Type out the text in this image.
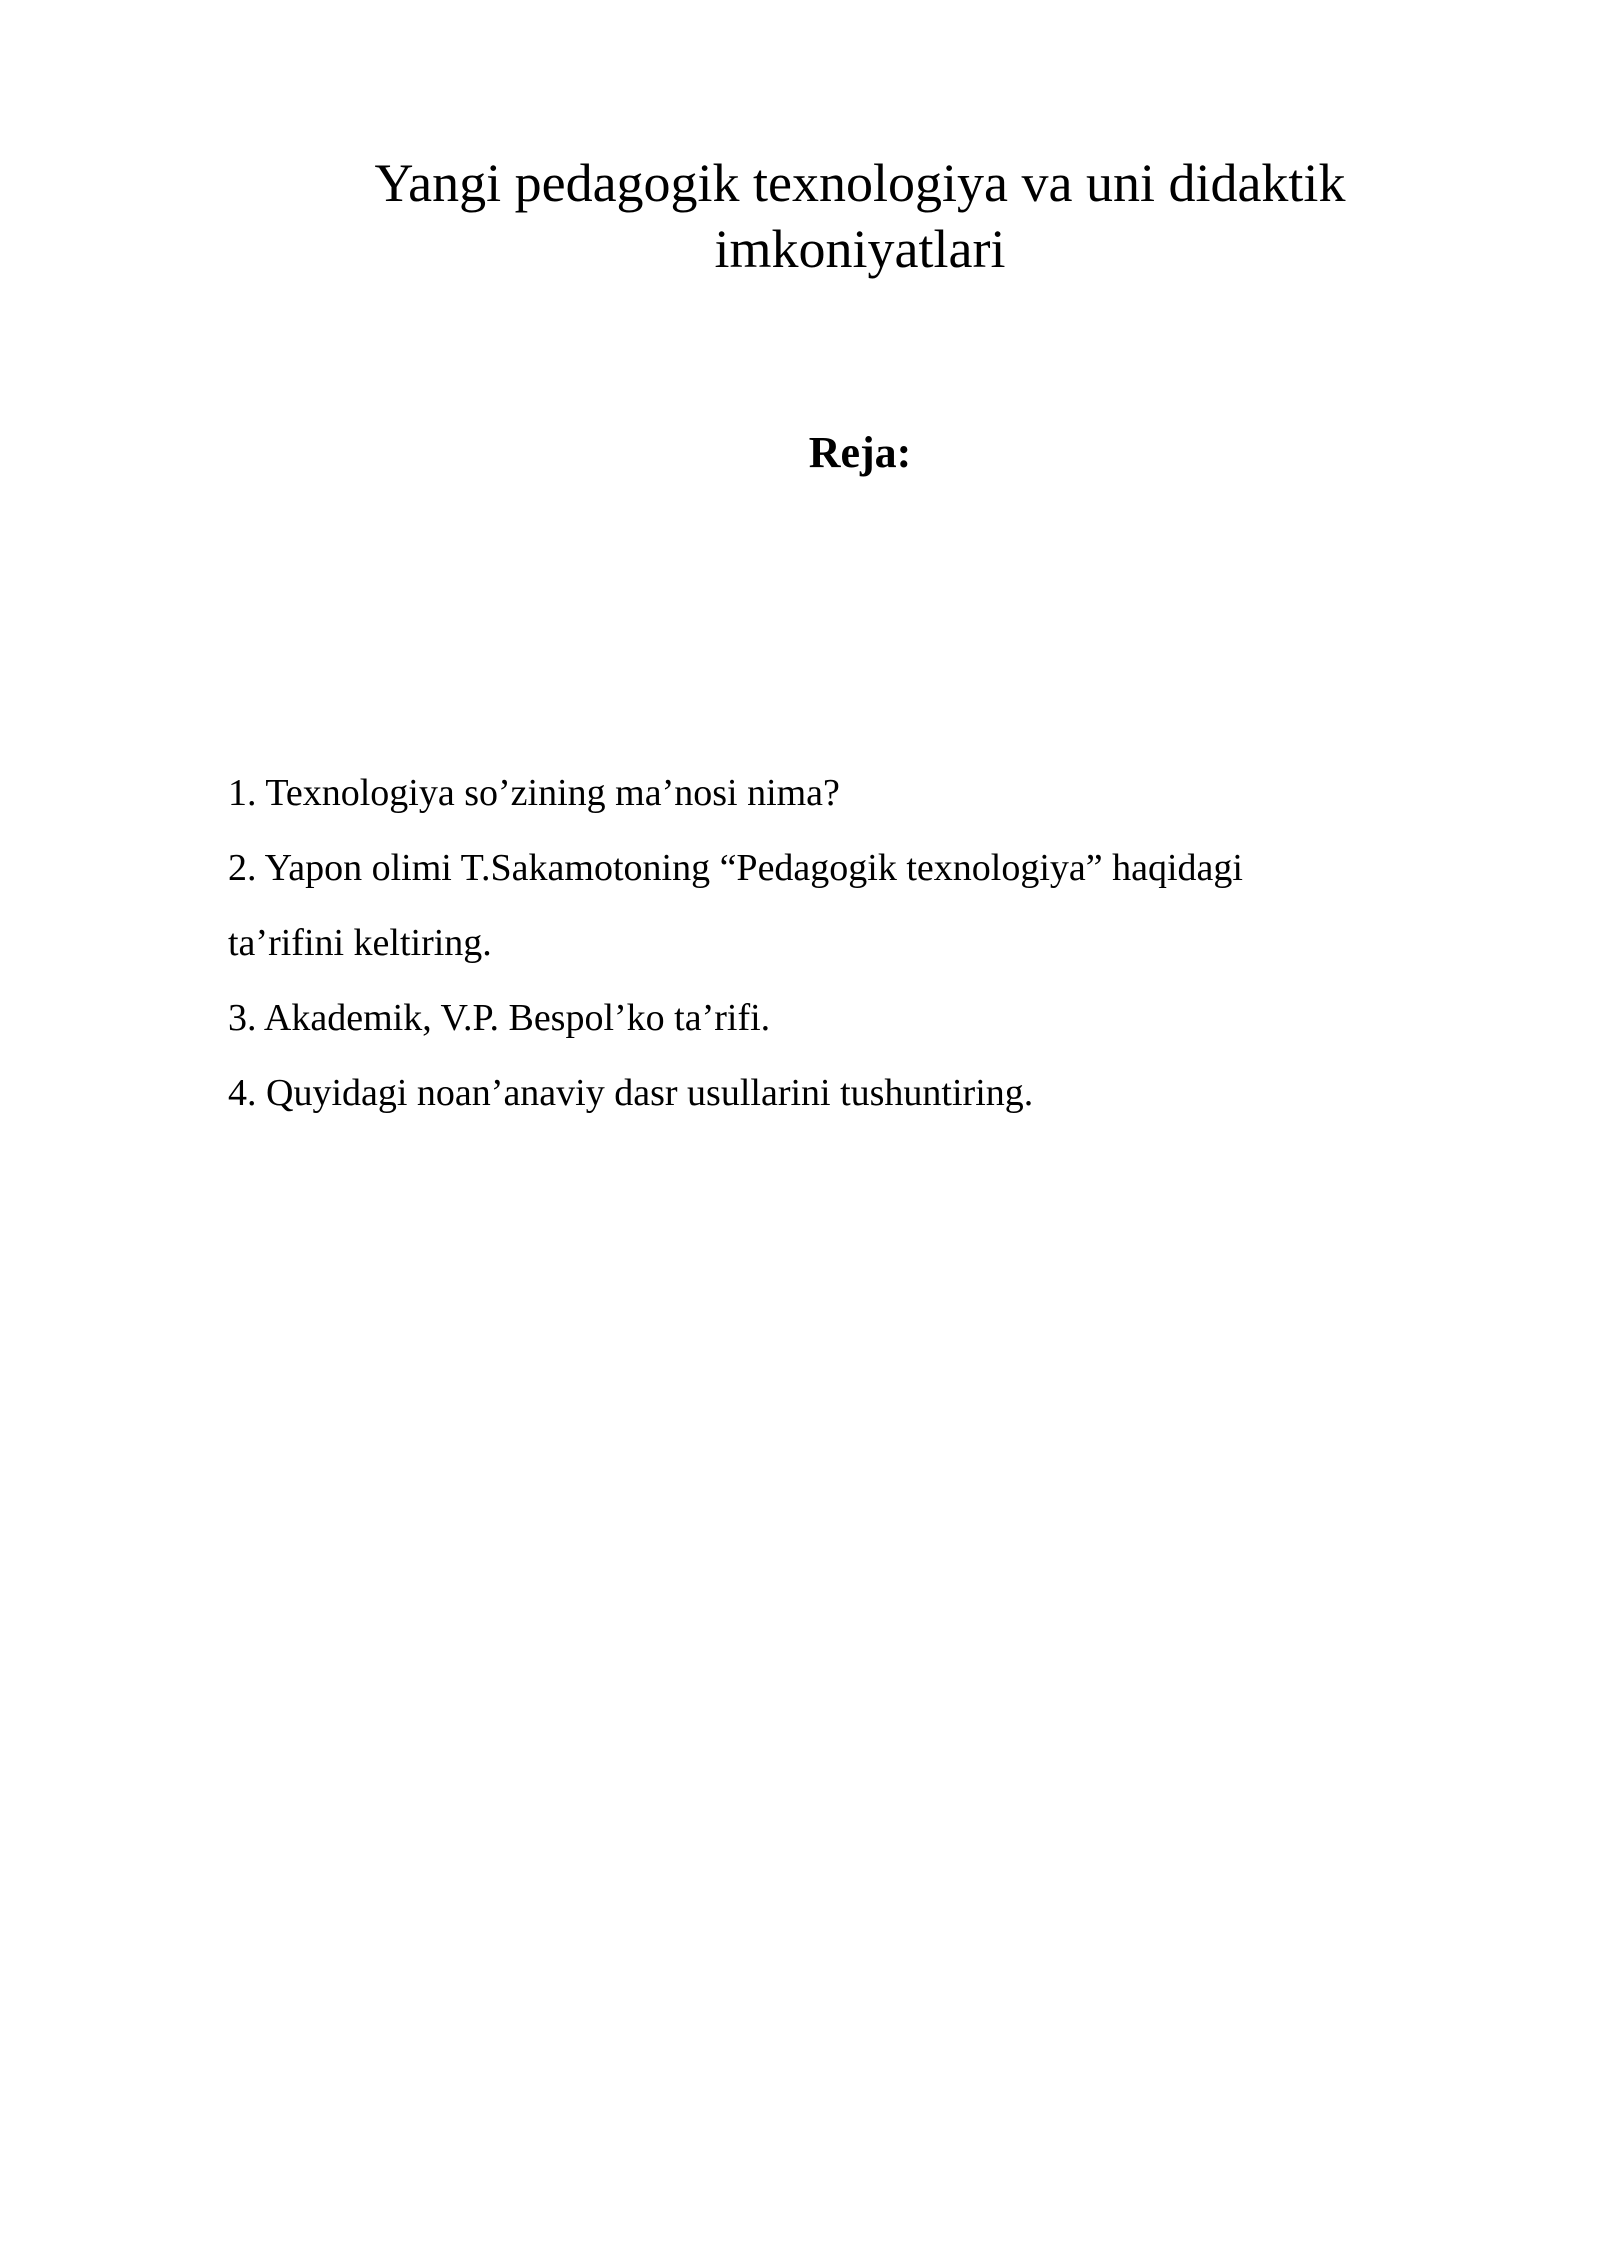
Yangi pedagogik texnologiya va uni didaktik
imkoniyatlari
Reja:
1. Texnologiya so’zining ma’nosi nima?
2. Yapon olimi T.Sakamotoning “Pedagogik texnologiya” haqidagi
ta’rifini keltiring.
3. Akademik, V.P. Bespol’ko ta’rifi.
4. Quyidagi noan’anaviy dasr usullarini tushuntiring.
